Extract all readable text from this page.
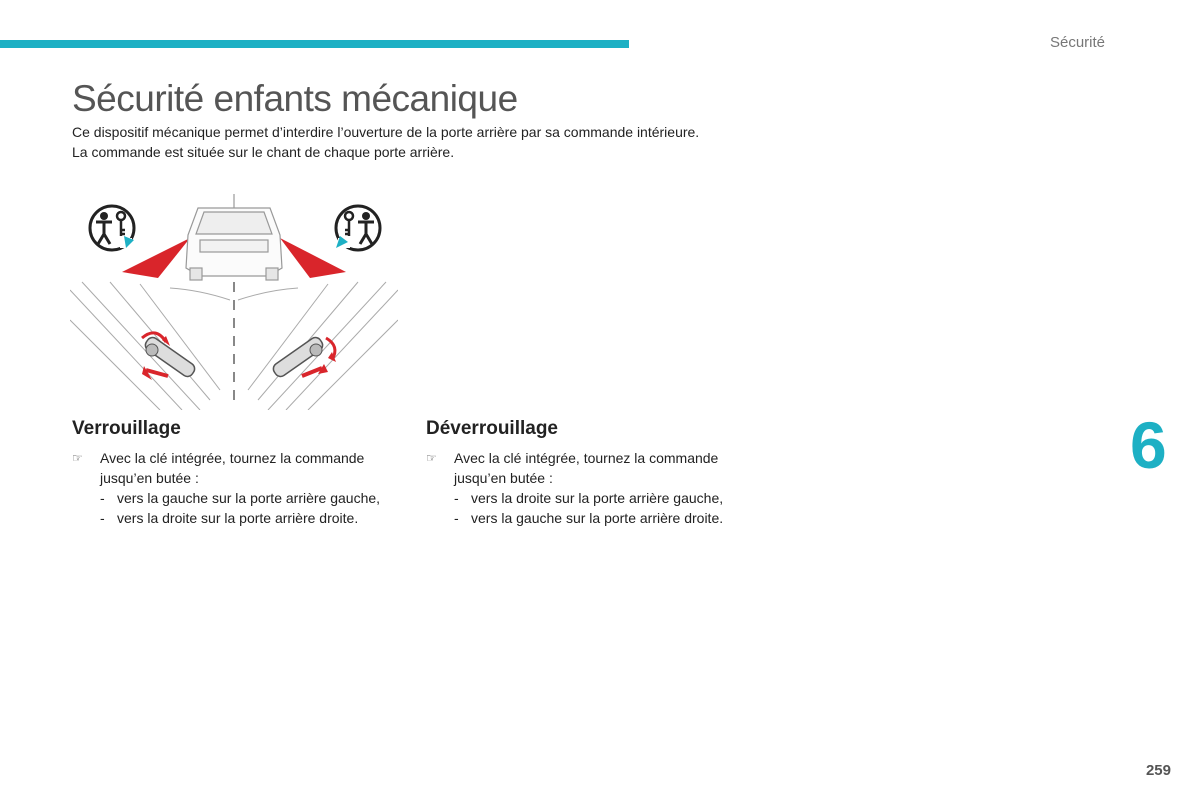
Sécurité
Sécurité enfants mécanique

Ce dispositif mécanique permet d’interdire l’ouverture de la porte arrière par sa commande intérieure.

La commande est située sur le chant de chaque porte arrière.

Verrouillage
☞ Avec la clé intégrée, tournez la commande jusqu’en butée :
- vers la gauche sur la porte arrière gauche,
- vers la droite sur la porte arrière droite.
Déverrouillage
☞ Avec la clé intégrée, tournez la commande jusqu’en butée :
- vers la droite sur la porte arrière gauche,
- vers la gauche sur la porte arrière droite.
6
259
